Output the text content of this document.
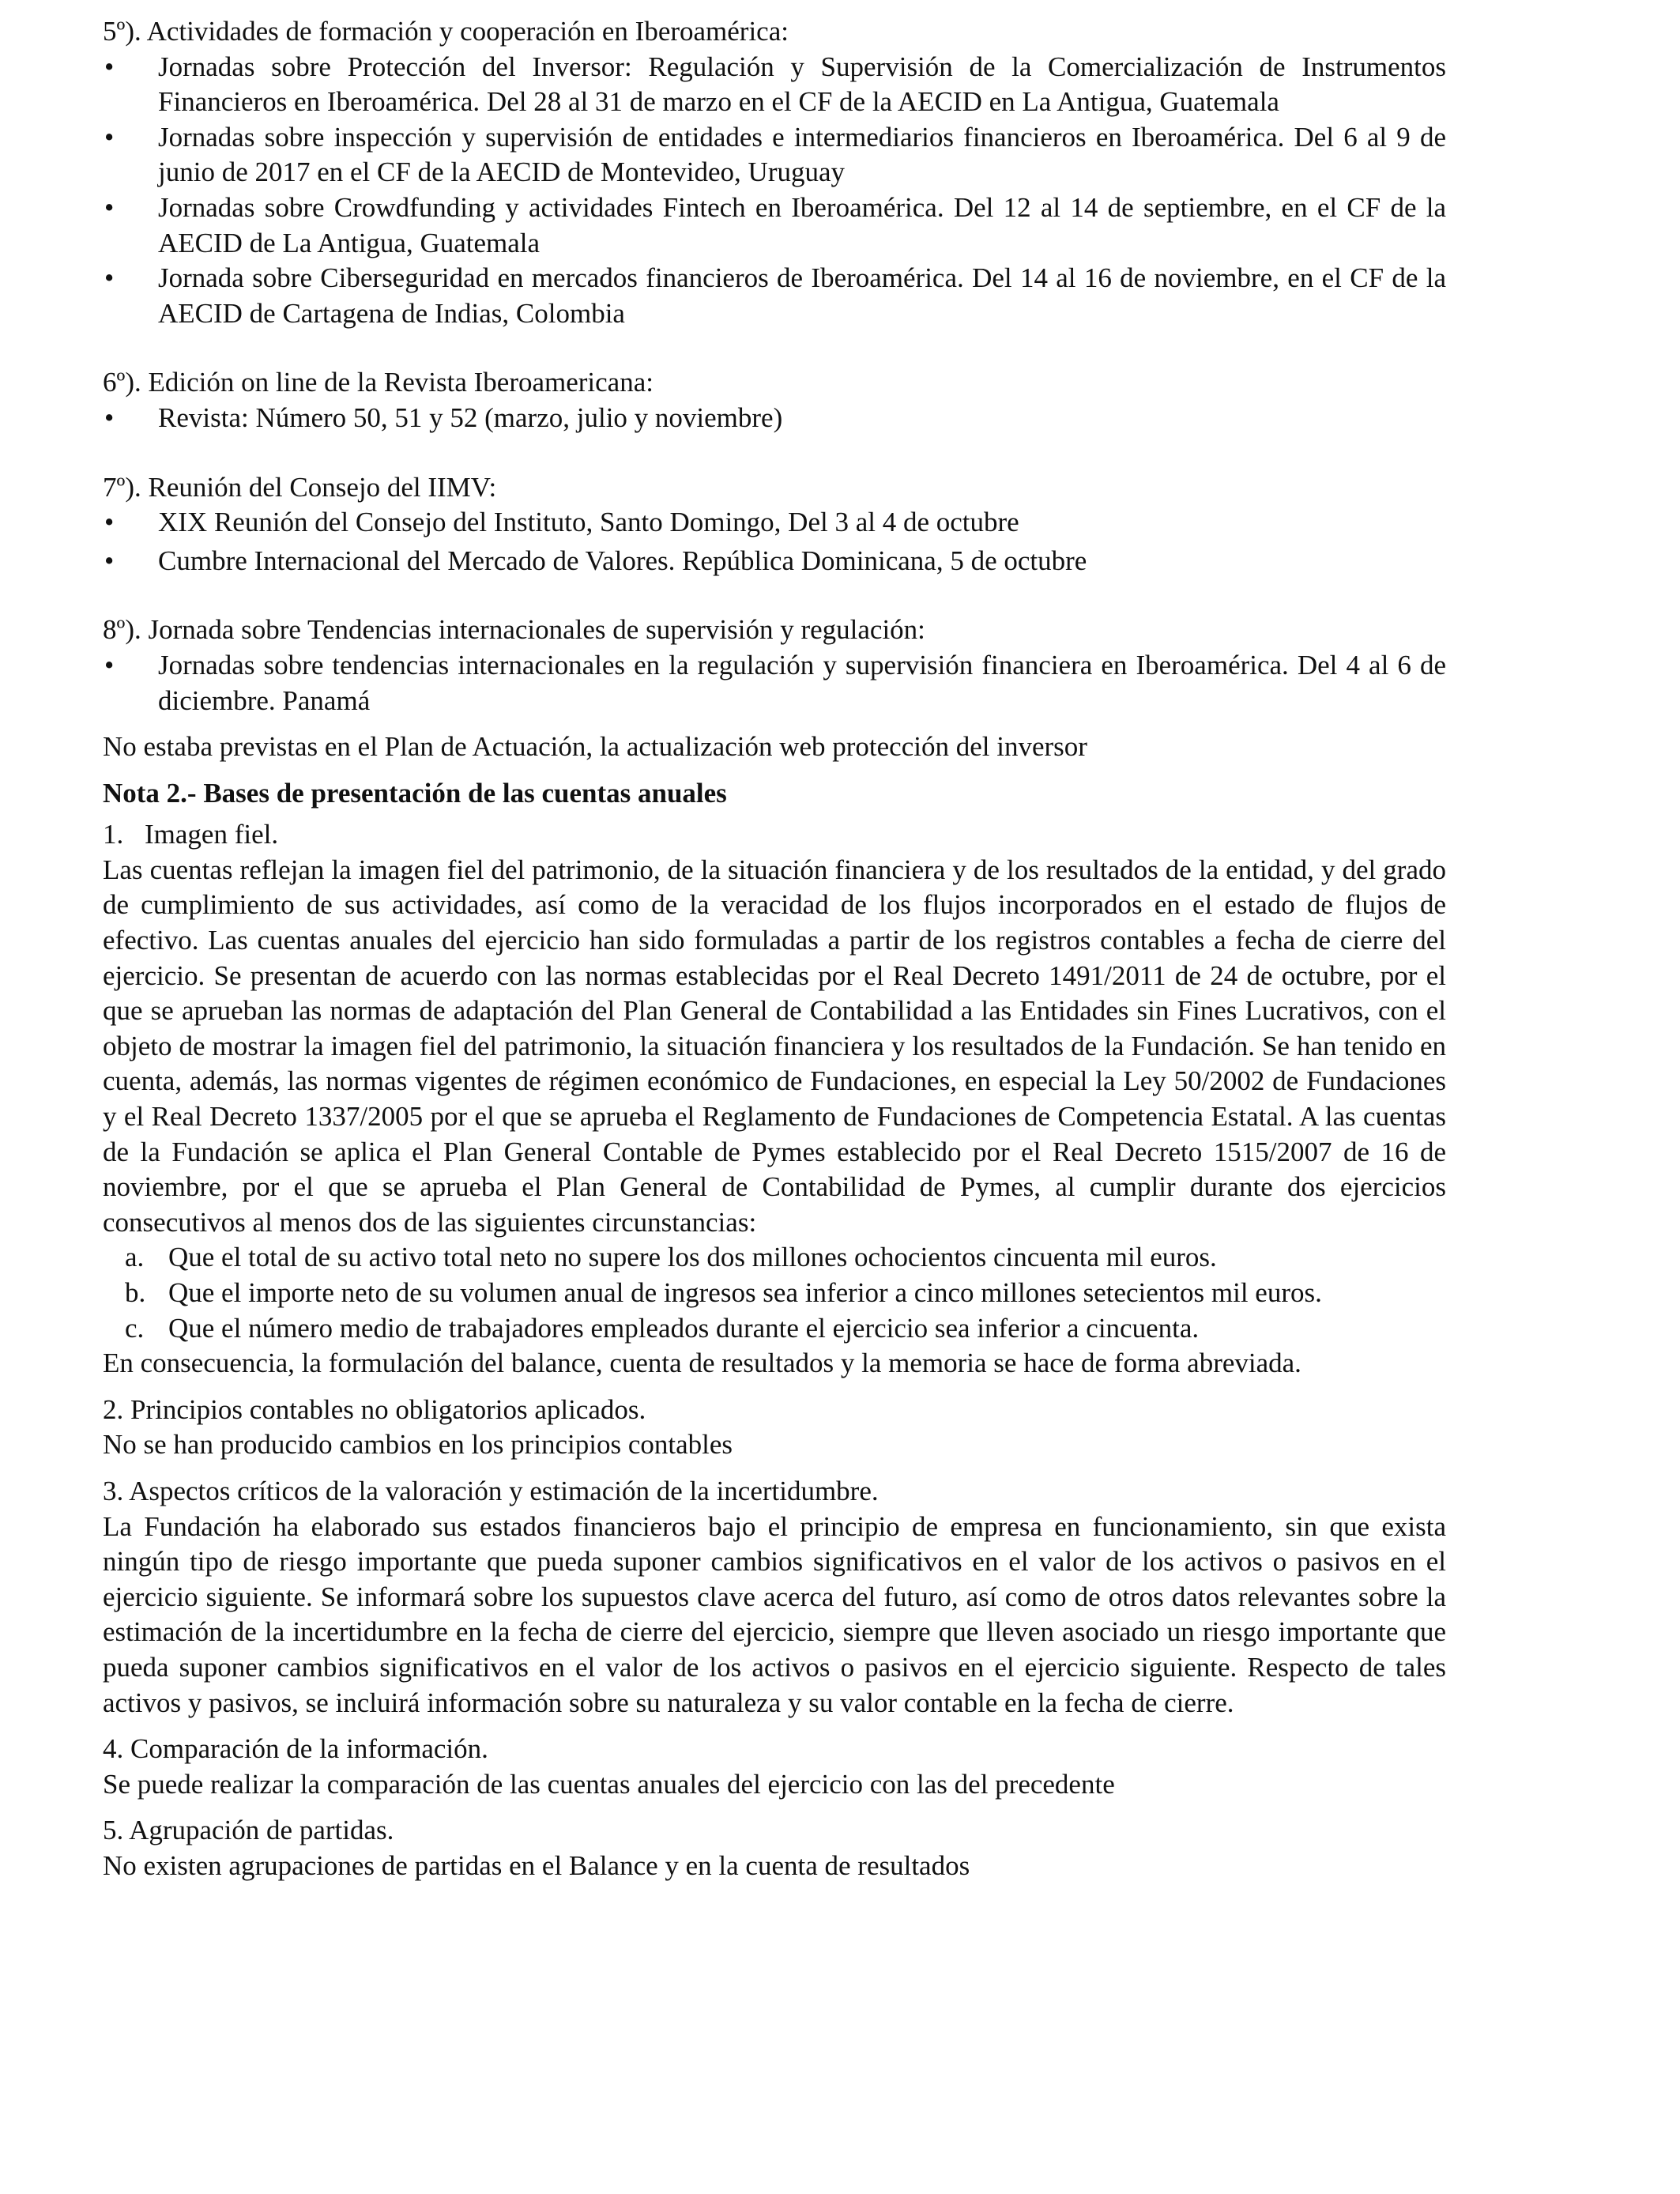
5º). Actividades de formación y cooperación en Iberoamérica:

• Jornadas sobre Protección del Inversor: Regulación y Supervisión de la Comercialización de Instrumentos Financieros en Iberoamérica. Del 28 al 31 de marzo en el CF de la AECID en La Antigua, Guatemala
• Jornadas sobre inspección y supervisión de entidades e intermediarios financieros en Iberoamérica. Del 6 al 9 de junio de 2017 en el CF de la AECID de Montevideo, Uruguay
• Jornadas sobre Crowdfunding y actividades Fintech en Iberoamérica. Del 12 al 14 de septiembre, en el CF de la AECID de La Antigua, Guatemala
• Jornada sobre Ciberseguridad en mercados financieros de Iberoamérica. Del 14 al 16 de noviembre, en el CF de la AECID de Cartagena de Indias, Colombia

6º). Edición on line de la Revista Iberoamericana:

• Revista: Número 50, 51 y 52 (marzo, julio y noviembre)

7º). Reunión del Consejo del IIMV:

• XIX Reunión del Consejo del Instituto, Santo Domingo, Del 3 al 4 de octubre
• Cumbre Internacional del Mercado de Valores. República Dominicana, 5 de octubre

8º). Jornada sobre Tendencias internacionales de supervisión y regulación:

• Jornadas sobre tendencias internacionales en la regulación y supervisión financiera en Iberoamérica. Del 4 al 6 de diciembre. Panamá

No estaba previstas en el Plan de Actuación, la actualización web protección del inversor

Nota 2.- Bases de presentación de las cuentas anuales

1. Imagen fiel.

Las cuentas reflejan la imagen fiel del patrimonio, de la situación financiera y de los resultados de la entidad, y del grado de cumplimiento de sus actividades, así como de la veracidad de los flujos incorporados en el estado de flujos de efectivo. Las cuentas anuales del ejercicio han sido formuladas a partir de los registros contables a fecha de cierre del ejercicio. Se presentan de acuerdo con las normas establecidas por el Real Decreto 1491/2011 de 24 de octubre, por el que se aprueban las normas de adaptación del Plan General de Contabilidad a las Entidades sin Fines Lucrativos, con el objeto de mostrar la imagen fiel del patrimonio, la situación financiera y los resultados de la Fundación. Se han tenido en cuenta, además, las normas vigentes de régimen económico de Fundaciones, en especial la Ley 50/2002 de Fundaciones y el Real Decreto 1337/2005 por el que se aprueba el Reglamento de Fundaciones de Competencia Estatal. A las cuentas de la Fundación se aplica el Plan General Contable de Pymes establecido por el Real Decreto 1515/2007 de 16 de noviembre, por el que se aprueba el Plan General de Contabilidad de Pymes, al cumplir durante dos ejercicios consecutivos al menos dos de las siguientes circunstancias:

a. Que el total de su activo total neto no supere los dos millones ochocientos cincuenta mil euros.
b. Que el importe neto de su volumen anual de ingresos sea inferior a cinco millones setecientos mil euros.
c. Que el número medio de trabajadores empleados durante el ejercicio sea inferior a cincuenta.

En consecuencia, la formulación del balance, cuenta de resultados y la memoria se hace de forma abreviada.

2. Principios contables no obligatorios aplicados.

No se han producido cambios en los principios contables

3. Aspectos críticos de la valoración y estimación de la incertidumbre.

La Fundación ha elaborado sus estados financieros bajo el principio de empresa en funcionamiento, sin que exista ningún tipo de riesgo importante que pueda suponer cambios significativos en el valor de los activos o pasivos en el ejercicio siguiente. Se informará sobre los supuestos clave acerca del futuro, así como de otros datos relevantes sobre la estimación de la incertidumbre en la fecha de cierre del ejercicio, siempre que lleven asociado un riesgo importante que pueda suponer cambios significativos en el valor de los activos o pasivos en el ejercicio siguiente. Respecto de tales activos y pasivos, se incluirá información sobre su naturaleza y su valor contable en la fecha de cierre.

4. Comparación de la información.

Se puede realizar la comparación de las cuentas anuales del ejercicio con las del precedente

5. Agrupación de partidas.

No existen agrupaciones de partidas en el Balance y en la cuenta de resultados
